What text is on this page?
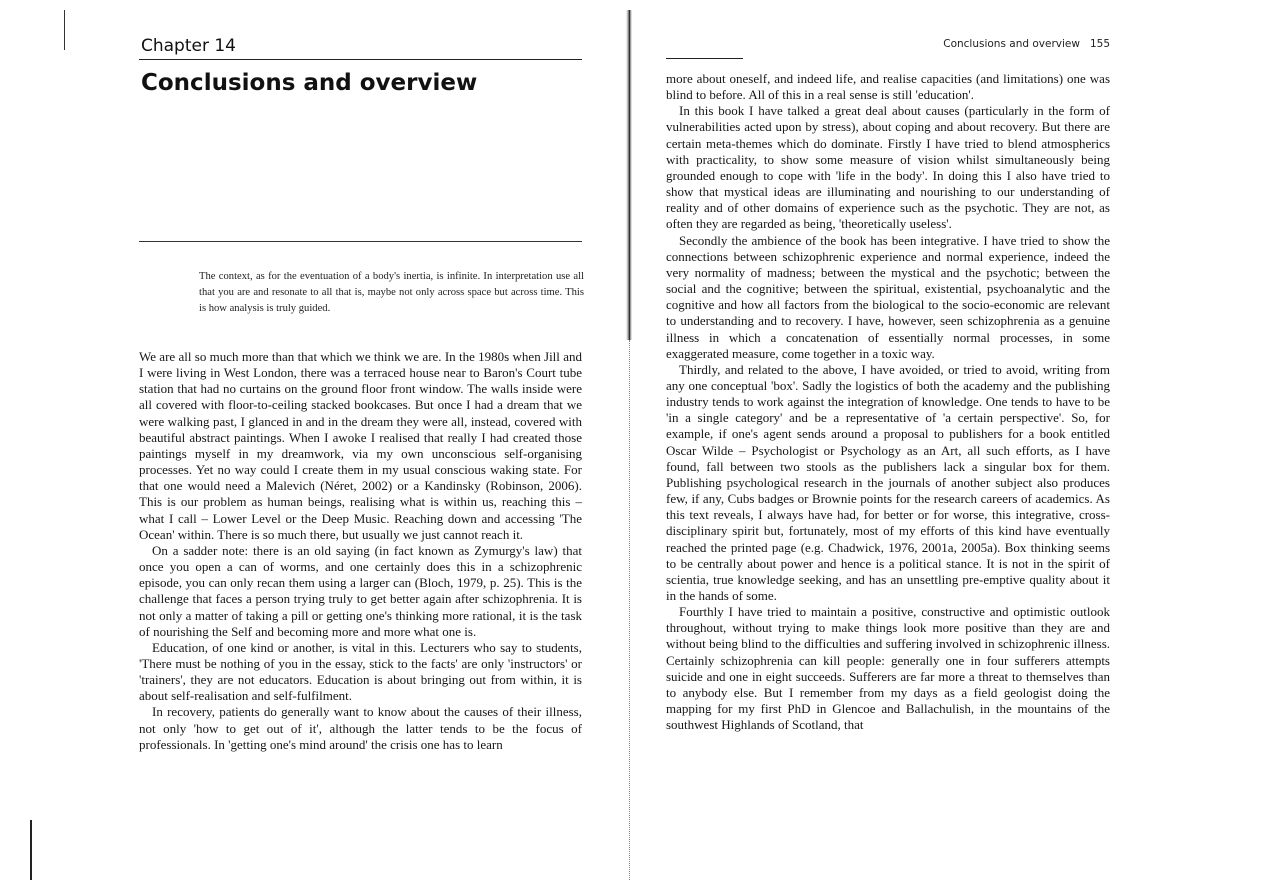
Chapter 14
Conclusions and overview

The context, as for the eventuation of a body's inertia, is infinite. In interpretation use all that you are and resonate to all that is, maybe not only across space but across time. This is how analysis is truly guided.

We are all so much more than that which we think we are. In the 1980s when Jill and I were living in West London, there was a terraced house near to Baron's Court tube station that had no curtains on the ground floor front window. The walls inside were all covered with floor-to-ceiling stacked bookcases. But once I had a dream that we were walking past, I glanced in and in the dream they were all, instead, covered with beautiful abstract paintings. When I awoke I realised that really I had created those paintings myself in my dreamwork, via my own unconscious self-organising processes. Yet no way could I create them in my usual conscious waking state. For that one would need a Malevich (Néret, 2002) or a Kandinsky (Robinson, 2006). This is our problem as human beings, realising what is within us, reaching this – what I call – Lower Level or the Deep Music. Reaching down and accessing 'The Ocean' within. There is so much there, but usually we just cannot reach it.

On a sadder note: there is an old saying (in fact known as Zymurgy's law) that once you open a can of worms, and one certainly does this in a schizophrenic episode, you can only recan them using a larger can (Bloch, 1979, p. 25). This is the challenge that faces a person trying truly to get better again after schizophrenia. It is not only a matter of taking a pill or getting one's thinking more rational, it is the task of nourishing the Self and becoming more and more what one is.

Education, of one kind or another, is vital in this. Lecturers who say to students, 'There must be nothing of you in the essay, stick to the facts' are only 'instructors' or 'trainers', they are not educators. Education is about bringing out from within, it is about self-realisation and self-fulfilment.

In recovery, patients do generally want to know about the causes of their illness, not only 'how to get out of it', although the latter tends to be the focus of professionals. In 'getting one's mind around' the crisis one has to learn

Conclusions and overview 155

more about oneself, and indeed life, and realise capacities (and limitations) one was blind to before. All of this in a real sense is still 'education'.

In this book I have talked a great deal about causes (particularly in the form of vulnerabilities acted upon by stress), about coping and about recovery. But there are certain meta-themes which do dominate. Firstly I have tried to blend atmospherics with practicality, to show some measure of vision whilst simultaneously being grounded enough to cope with 'life in the body'. In doing this I also have tried to show that mystical ideas are illuminating and nourishing to our understanding of reality and of other domains of experience such as the psychotic. They are not, as often they are regarded as being, 'theoretically useless'.

Secondly the ambience of the book has been integrative. I have tried to show the connections between schizophrenic experience and normal experience, indeed the very normality of madness; between the mystical and the psychotic; between the social and the cognitive; between the spiritual, existential, psychoanalytic and the cognitive and how all factors from the biological to the socio-economic are relevant to understanding and to recovery. I have, however, seen schizophrenia as a genuine illness in which a concatenation of essentially normal processes, in some exaggerated measure, come together in a toxic way.

Thirdly, and related to the above, I have avoided, or tried to avoid, writing from any one conceptual 'box'. Sadly the logistics of both the academy and the publishing industry tends to work against the integration of knowledge. One tends to have to be 'in a single category' and be a representative of 'a certain perspective'. So, for example, if one's agent sends around a proposal to publishers for a book entitled Oscar Wilde – Psychologist or Psychology as an Art, all such efforts, as I have found, fall between two stools as the publishers lack a singular box for them. Publishing psychological research in the journals of another subject also produces few, if any, Cubs badges or Brownie points for the research careers of academics. As this text reveals, I always have had, for better or for worse, this integrative, cross-disciplinary spirit but, fortunately, most of my efforts of this kind have eventually reached the printed page (e.g. Chadwick, 1976, 2001a, 2005a). Box thinking seems to be centrally about power and hence is a political stance. It is not in the spirit of scientia, true knowledge seeking, and has an unsettling pre-emptive quality about it in the hands of some.

Fourthly I have tried to maintain a positive, constructive and optimistic outlook throughout, without trying to make things look more positive than they are and without being blind to the difficulties and suffering involved in schizophrenic illness. Certainly schizophrenia can kill people: generally one in four sufferers attempts suicide and one in eight succeeds. Sufferers are far more a threat to themselves than to anybody else. But I remember from my days as a field geologist doing the mapping for my first PhD in Glencoe and Ballachulish, in the mountains of the southwest Highlands of Scotland, that
